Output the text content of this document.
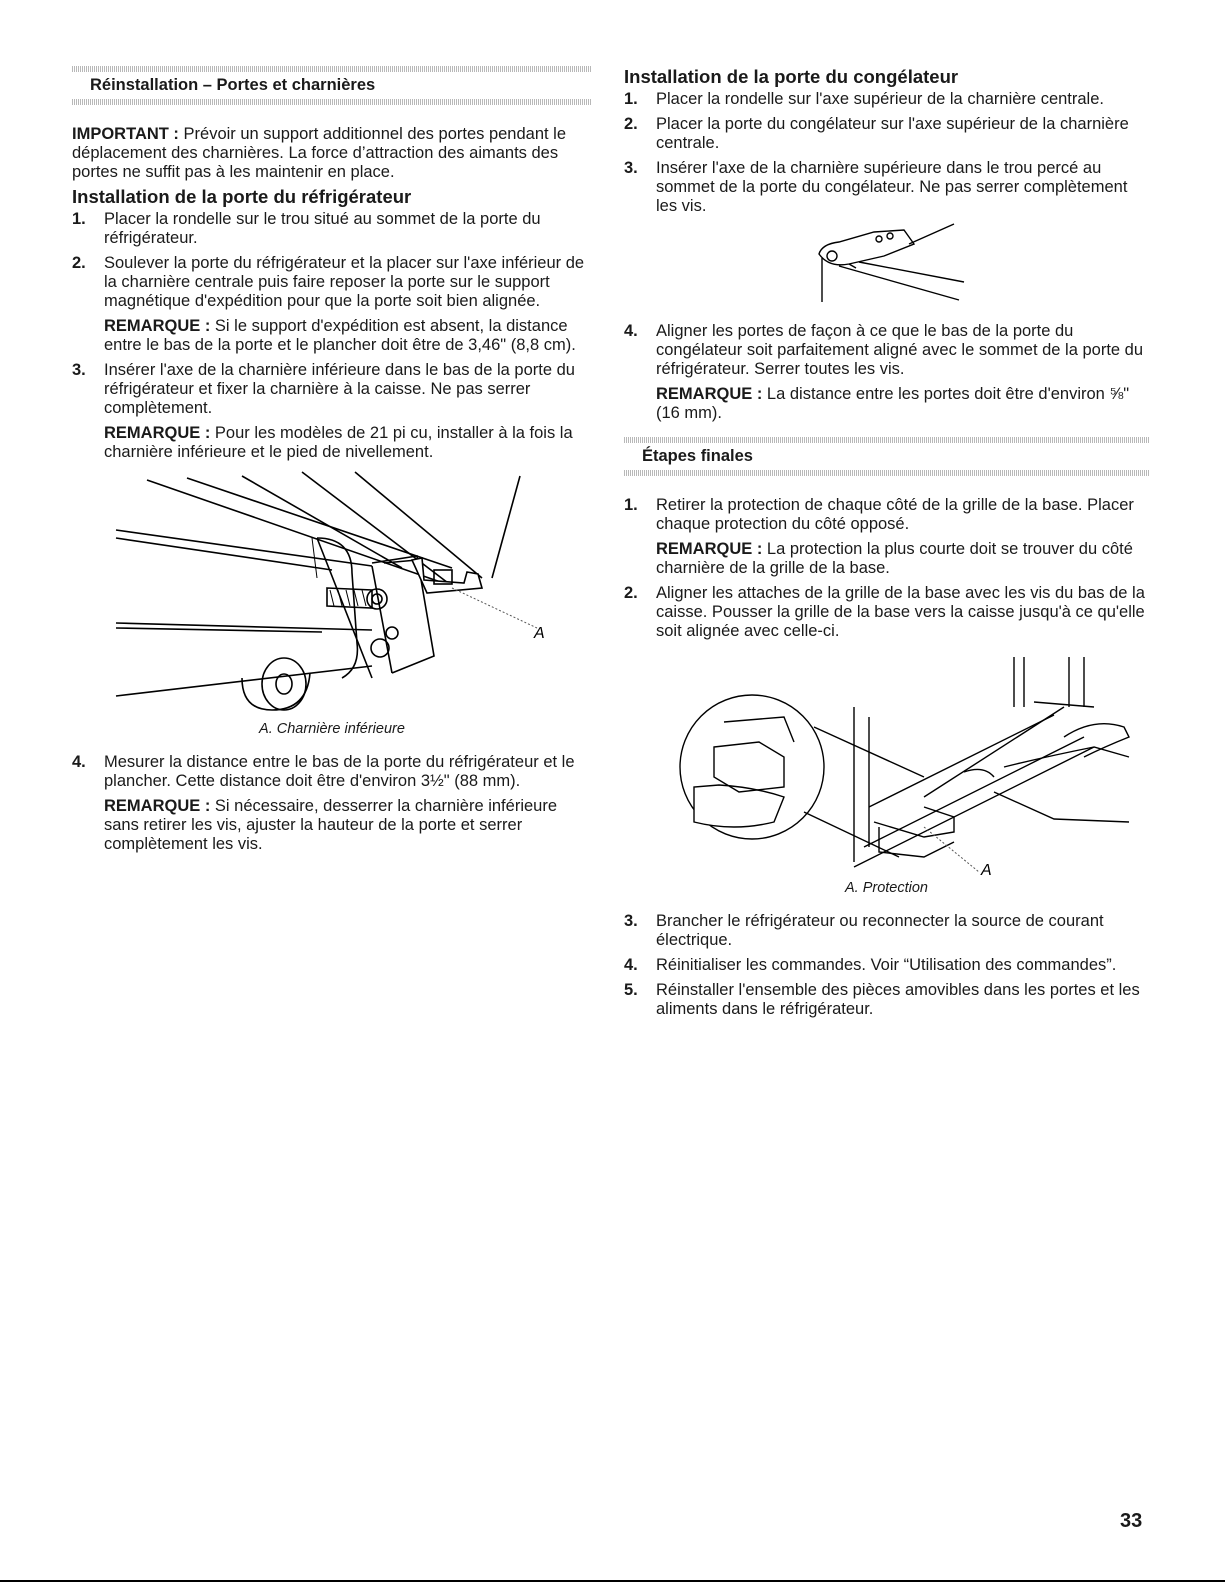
Réinstallation – Portes et charnières

IMPORTANT : Prévoir un support additionnel des portes pendant le déplacement des charnières. La force d’attraction des aimants des portes ne suffit pas à les maintenir en place.

Installation de la porte du réfrigérateur
1.	Placer la rondelle sur le trou situé au sommet de la porte du réfrigérateur.
2.	Soulever la porte du réfrigérateur et la placer sur l'axe inférieur de la charnière centrale puis faire reposer la porte sur le support magnétique d'expédition pour que la porte soit bien alignée.

REMARQUE : Si le support d'expédition est absent, la distance entre le bas de la porte et le plancher doit être de 3,46" (8,8 cm).

3.	Insérer l'axe de la charnière inférieure dans le bas de la porte du réfrigérateur et fixer la charnière à la caisse. Ne pas serrer complètement.

REMARQUE : Pour les modèles de 21 pi cu, installer à la fois la charnière inférieure et le pied de nivellement.

A
A. Charnière inférieure
4.	Mesurer la distance entre le bas de la porte du réfrigérateur et le plancher. Cette distance doit être d'environ 3½" (88 mm).

REMARQUE : Si nécessaire, desserrer la charnière inférieure sans retirer les vis, ajuster la hauteur de la porte et serrer complètement les vis.

Installation de la porte du congélateur
1.	Placer la rondelle sur l'axe supérieur de la charnière centrale.
2.	Placer la porte du congélateur sur l'axe supérieur de la charnière centrale.
3.	Insérer l'axe de la charnière supérieure dans le trou percé au sommet de la porte du congélateur. Ne pas serrer complètement les vis.
4.	Aligner les portes de façon à ce que le bas de la porte du congélateur soit parfaitement aligné avec le sommet de la porte du réfrigérateur. Serrer toutes les vis.

REMARQUE : La distance entre les portes doit être d'environ ⅝" (16 mm).

Étapes finales
1.	Retirer la protection de chaque côté de la grille de la base. Placer chaque protection du côté opposé.

REMARQUE : La protection la plus courte doit se trouver du côté charnière de la grille de la base.

2.	Aligner les attaches de la grille de la base avec les vis du bas de la caisse. Pousser la grille de la base vers la caisse jusqu'à ce qu'elle soit alignée avec celle-ci.
A
A. Protection
3.	Brancher le réfrigérateur ou reconnecter la source de courant électrique.
4.	Réinitialiser les commandes. Voir “Utilisation des commandes”.
5.	Réinstaller l'ensemble des pièces amovibles dans les portes et les aliments dans le réfrigérateur.
33
